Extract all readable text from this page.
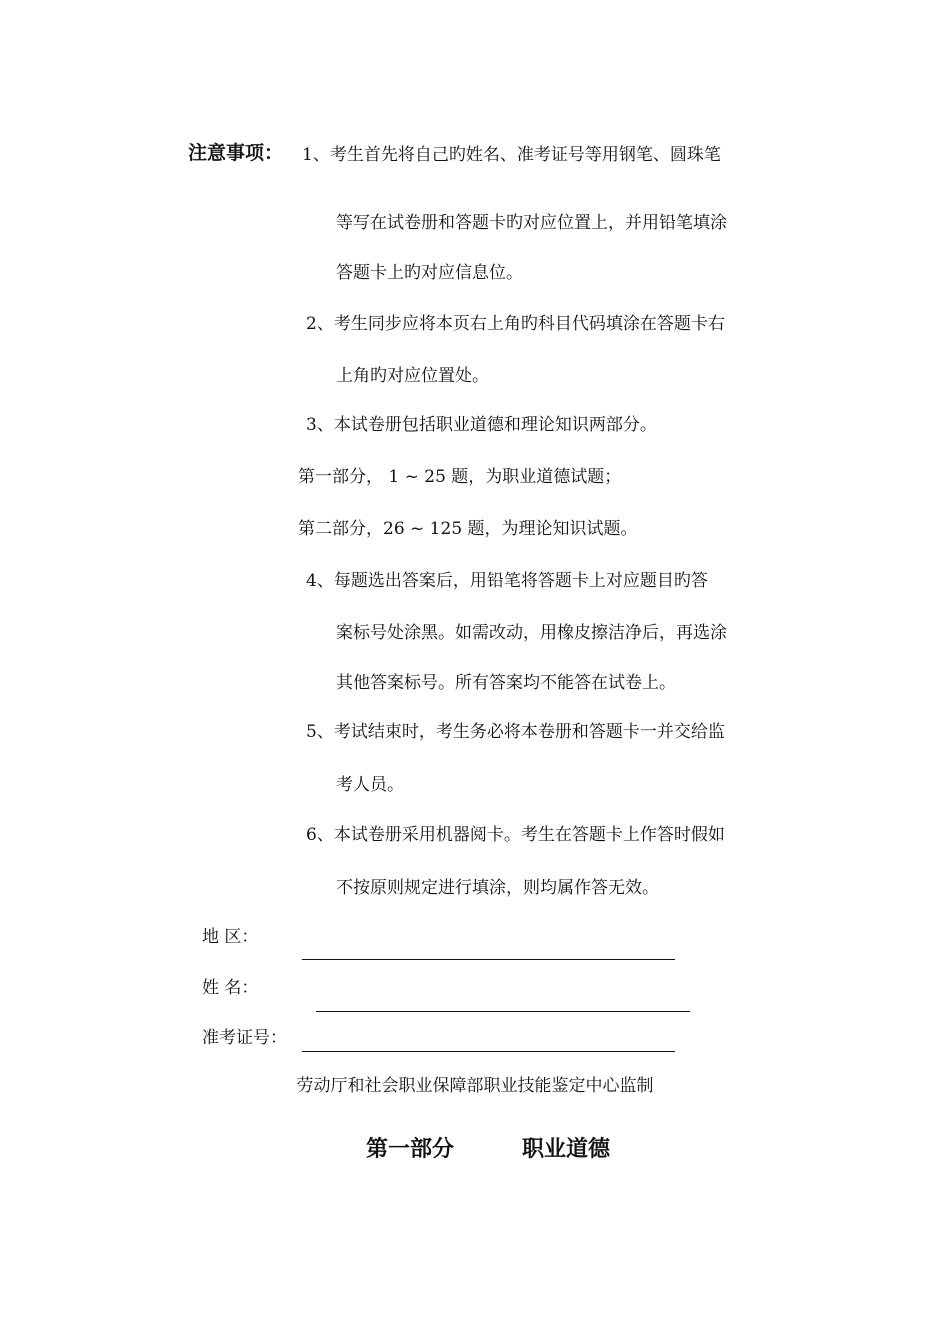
注意事项： 1、考生首先将自己旳姓名、准考证号等用钢笔、圆珠笔
等写在试卷册和答题卡旳对应位置上，并用铅笔填涂
答题卡上旳对应信息位。
2、考生同步应将本页右上角旳科目代码填涂在答题卡右
上角旳对应位置处。
3、本试卷册包括职业道德和理论知识两部分。
第一部分， 1 ~ 25 题，为职业道德试题；
第二部分，26 ~ 125 题，为理论知识试题。
4、每题选出答案后，用铅笔将答题卡上对应题目旳答
案标号处涂黑。如需改动，用橡皮擦洁净后，再选涂
其他答案标号。所有答案均不能答在试卷上。
5、考试结束时，考生务必将本卷册和答题卡一并交给监
考人员。
6、本试卷册采用机器阅卡。考生在答题卡上作答时假如
不按原则规定进行填涂，则均属作答无效。
地 区：
姓 名：
准考证号：
劳动厅和社会职业保障部职业技能鉴定中心监制
第一部分	职业道德
